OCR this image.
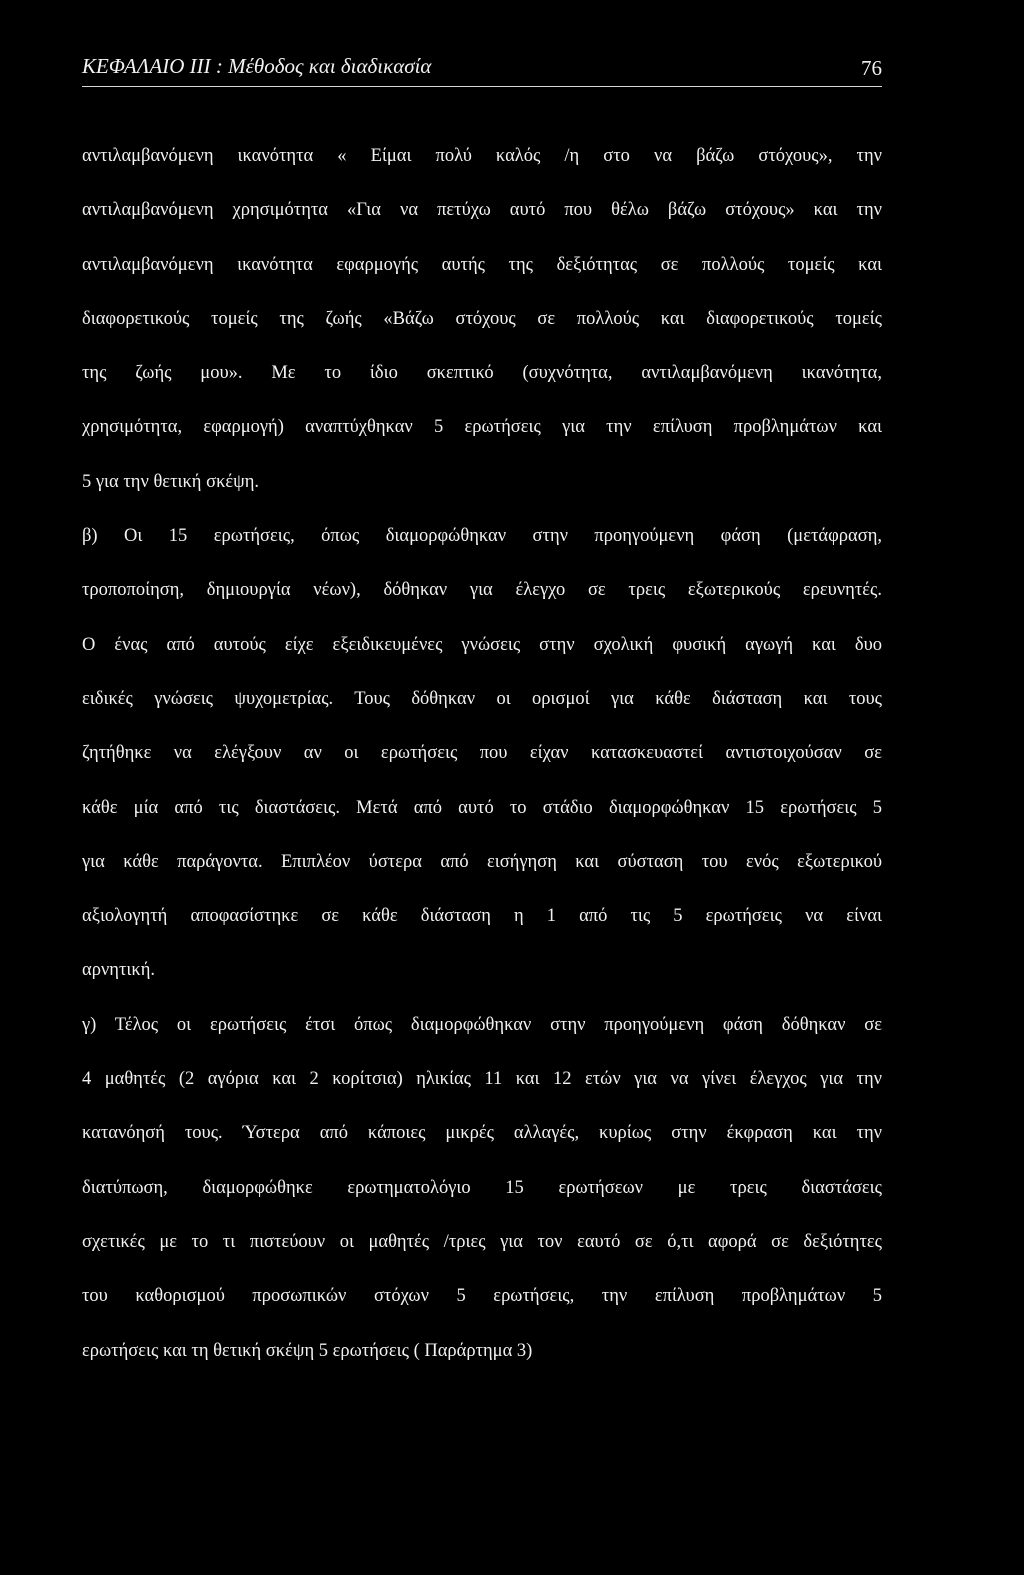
ΚΕΦΑΛΑΙΟ ΙΙΙ : Μέθοδος και διαδικασία	76
αντιλαμβανόμενη ικανότητα « Είμαι πολύ καλός /η στο να βάζω στόχους», την
αντιλαμβανόμενη χρησιμότητα «Για να πετύχω αυτό που θέλω βάζω στόχους» και την
αντιλαμβανόμενη ικανότητα εφαρμογής αυτής της δεξιότητας σε πολλούς τομείς και
διαφορετικούς τομείς της ζωής «Βάζω στόχους σε πολλούς και διαφορετικούς τομείς
της ζωής μου». Με το ίδιο σκεπτικό (συχνότητα, αντιλαμβανόμενη ικανότητα,
χρησιμότητα, εφαρμογή) αναπτύχθηκαν 5 ερωτήσεις για την επίλυση προβλημάτων και
5 για την θετική σκέψη.
β) Οι 15 ερωτήσεις, όπως διαμορφώθηκαν στην προηγούμενη φάση (μετάφραση,
τροποποίηση, δημιουργία νέων), δόθηκαν για έλεγχο σε τρεις εξωτερικούς ερευνητές.
Ο ένας από αυτούς είχε εξειδικευμένες γνώσεις στην σχολική φυσική αγωγή και δυο
ειδικές γνώσεις ψυχομετρίας. Τους δόθηκαν οι ορισμοί για κάθε διάσταση και τους
ζητήθηκε να ελέγξουν αν οι ερωτήσεις που είχαν κατασκευαστεί αντιστοιχούσαν σε
κάθε μία από τις διαστάσεις. Μετά από αυτό το στάδιο διαμορφώθηκαν 15 ερωτήσεις 5
για κάθε παράγοντα. Επιπλέον ύστερα από εισήγηση και σύσταση του ενός εξωτερικού
αξιολογητή αποφασίστηκε σε κάθε διάσταση η 1 από τις 5 ερωτήσεις να είναι
αρνητική.
γ) Τέλος οι ερωτήσεις έτσι όπως διαμορφώθηκαν στην προηγούμενη φάση δόθηκαν σε
4 μαθητές (2 αγόρια και 2 κορίτσια) ηλικίας 11 και 12 ετών για να γίνει έλεγχος για την
κατανόησή τους. Ύστερα από κάποιες μικρές αλλαγές, κυρίως στην έκφραση και την
διατύπωση, διαμορφώθηκε ερωτηματολόγιο 15 ερωτήσεων με τρεις διαστάσεις
σχετικές με το τι πιστεύουν οι μαθητές /τριες για τον εαυτό σε ό,τι αφορά σε δεξιότητες
του καθορισμού προσωπικών στόχων 5 ερωτήσεις, την επίλυση προβλημάτων 5
ερωτήσεις και τη θετική σκέψη 5 ερωτήσεις ( Παράρτημα 3)
